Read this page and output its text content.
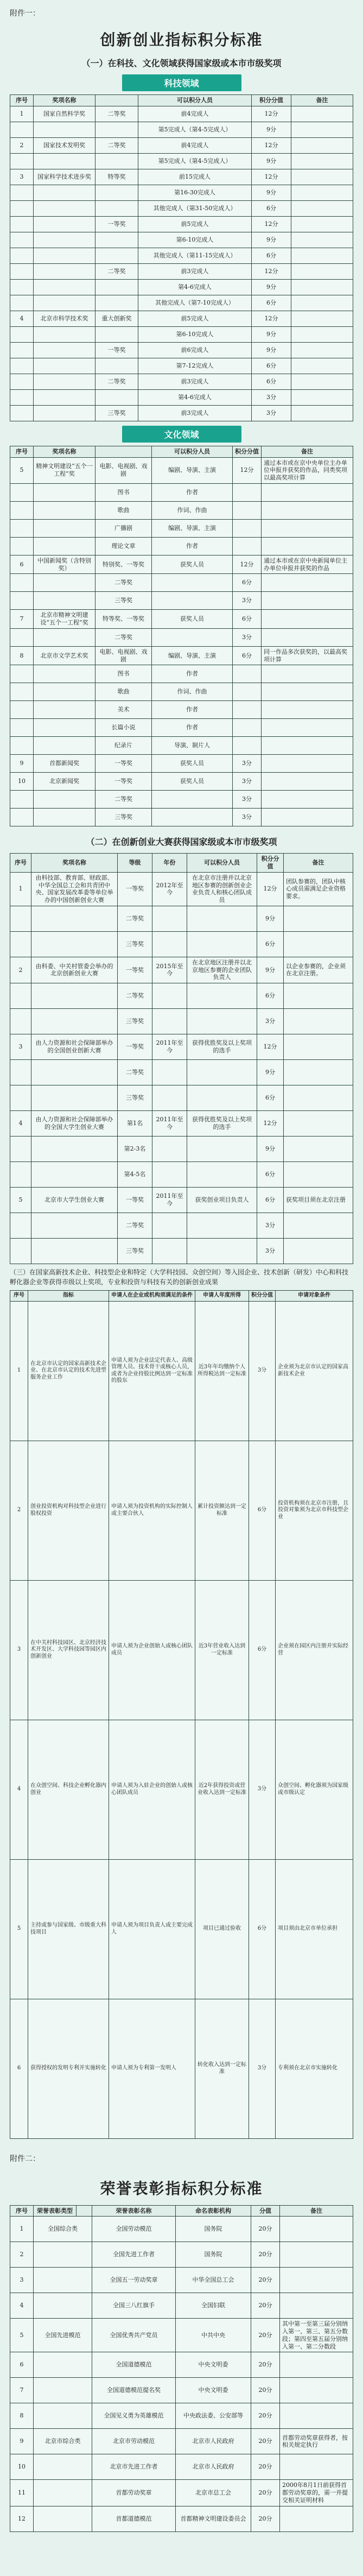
附件一：
创新创业指标积分标准
（一）在科技、文化领域获得国家级或本市市级奖项
科技领域
序号	奖项名称		可以积分人员	积分分值	备注
1	国家自然科学奖	二等奖	前4完成人	12分	
			第5完成人（第4-5完成人）	9分	
2	国家技术发明奖	二等奖	前4完成人	12分	
			第5完成人（第4-5完成人）	9分	
3	国家科学技术进步奖	特等奖	前15完成人	12分	
			第16-30完成人	9分	
			其他完成人（第31-50完成人）	6分	
		一等奖	前5完成人	12分	
			第6-10完成人	9分	
			其他完成人（第11-15完成人）	6分	
		二等奖	前3完成人	12分	
			第4-6完成人	9分	
			其他完成人（第7-10完成人）	6分	
4	北京市科学技术奖	重大创新奖	前5完成人	12分	
			第6-10完成人	9分	
		一等奖	前6完成人	9分	
			第7-12完成人	6分	
		二等奖	前3完成人	6分	
			第4-6完成人	3分	
		三等奖	前3完成人	3分	
文化领域
序号	奖项名称		可以积分人员	积分分值	备注
5	精神文明建设“五个一工程”奖	电影、电视剧、戏剧	编剧、导演、主演	12分	通过本市或在京中央单位主办单位申报并获奖的作品，同类奖项以最高奖项计算
		图书	作者		
		歌曲	作词、作曲		
		广播剧	编剧、导演、主演		
		理论文章	作者		
6	中国新闻奖（含特别奖）	特别奖、一等奖	获奖人员	12分	通过本市或在京中央新闻单位主办单位申报并获奖的作品
		二等奖		6分	
		三等奖		3分	
7	北京市精神文明建设“五个一工程”奖	特等奖、一等奖	获奖人员	6分	
		二等奖		3分	
8	北京市文学艺术奖	电影、电视剧、戏剧	编剧、导演、主演	6分	同一作品多次获奖的，以最高奖项计算
		图书	作者		
		歌曲	作词、作曲		
		美术	作者		
		长篇小说	作者		
		纪录片	导演、制片人		
9	首都新闻奖	一等奖	获奖人员	3分	
10	北京新闻奖	一等奖	获奖人员	3分	
		二等奖		3分	
		三等奖		3分	
（二）在创新创业大赛获得国家级或本市市级奖项
序号	奖项名称	等级	年份	可以积分人员	积分分值	备注
1	由科技部、教育部、财政部、中华全国总工会和共青团中央、国家发展改革委等单位举办的中国创新创业大赛	一等奖	2012年至今	在北京市注册并以北京地区参赛的创新创业企业负责人和核心团队成员	12分	团队参赛的，团队中核心成员需满足企业资格要求。
		二等奖			9分	
		三等奖			6分	
2	由科委、中关村管委会举办的北京创新创业大赛	一等奖	2015年至今	在北京地区注册并以北京地区参赛的企业团队负责人	9分	以企业参赛的，企业须在北京注册。
		二等奖			6分	
		三等奖			3分	
3	由人力资源和社会保障部举办的全国创业创新大赛	一等奖	2011年至今	获得优胜奖及以上奖项的选手	12分	
		二等奖			9分	
		三等奖			6分	
4	由人力资源和社会保障部举办的全国大学生创业大赛	第1名	2011年至今	获得优胜奖及以上奖项的选手	12分	
		第2-3名			9分	
		第4-5名			6分	
5	北京市大学生创业大赛	一等奖	2011年至今	获奖创业项目负责人	6分	获奖项目须在北京注册
		二等奖			3分	
		三等奖			3分	
（三）在国家高新技术企业、科技型企业和特定（大学科技园、众创空间）等入园企业、技术创新（研发）中心和科技孵化器企业等获得市级以上奖项，专业和投资与科技有关的创新创业成果
序号	指标	申请人在企业或机构须满足的条件	申请人年度所得	积分分值	申请对象条件
1	在北京市认定的国家高新技术企业、在北京市认定的技术先进型服务企业工作	申请人须为企业法定代表人、高级管理人员、技术骨干或核心人员，或者为企业持股比例达到一定标准的股东	近3年年均缴纳个人所得税达到一定标准	3分	企业须为北京市认定的国家高新技术企业
2	创业投资机构对科技型企业进行股权投资	申请人须为投资机构的实际控制人或主要合伙人	累计投资额达到一定标准	6分	投资机构须在北京市注册，且投资对象须为北京市科技型企业
3	在中关村科技园区、北京经济技术开发区、大学科技园等园区内创新创业	申请人须为企业创始人或核心团队成员	近3年营业收入达到一定标准	6分	企业须在园区内注册并实际经营
4	在众创空间、科技企业孵化器内创业	申请人须为入驻企业的创始人或核心团队成员	近2年获得投资或营业收入达到一定标准	3分	众创空间、孵化器须为国家级或市级认定
5	主持或参与国家级、市级重大科技项目	申请人须为项目负责人或主要完成人	项目已通过验收	6分	项目须由北京市单位承担
6	获得授权的发明专利并实施转化	申请人须为专利第一发明人	转化收入达到一定标准	3分	专利须在北京市实施转化
附件二：
荣誉表彰指标积分标准
序号	荣誉表彰类型		荣誉表彰名称	命名表彰机构	分值	备注
1	全国综合类		全国劳动模范	国务院	20分	
2			全国先进工作者	国务院	20分	
3			全国五一劳动奖章	中华全国总工会	20分	
4			全国三八红旗手	全国妇联	20分	
5	全国先进模范		全国优秀共产党员	中共中央	20分	其中第一至第三届分别纳入第一、第三、第五分数段；第四至第五届分别纳入第一、第二分数段
6			全国道德模范	中央文明委	20分	
7			全国道德模范提名奖	中央文明委	20分	
8			全国见义勇为英雄模范	中央政法委、公安部等	20分	
9	北京市综合类		北京市劳动模范	北京市人民政府	20分	首都劳动奖章获得者，按相关规定执行
10			北京市先进工作者	北京市人民政府	20分	
11			首都劳动奖章	北京市总工会	20分	2000年8月1日前获得首都劳动奖章的，需一并提交相关证明材料
12			首都道德模范	首都精神文明建设委员会	20分	
